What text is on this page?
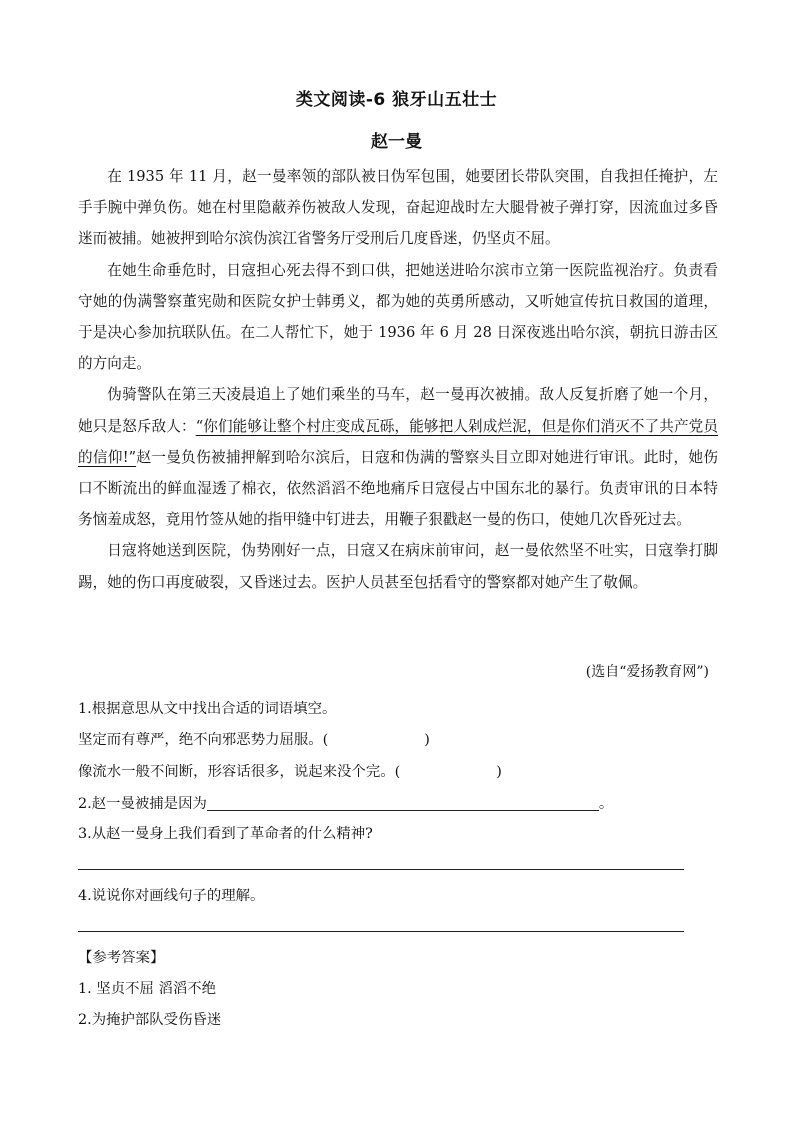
类文阅读-6 狼牙山五壮士
赵一曼

在 1935 年 11 月，赵一曼率领的部队被日伪军包围，她要团长带队突围，自我担任掩护，左手手腕中弹负伤。她在村里隐蔽养伤被敌人发现，奋起迎战时左大腿骨被子弹打穿，因流血过多昏迷而被捕。她被押到哈尔滨伪滨江省警务厅受刑后几度昏迷，仍坚贞不屈。

在她生命垂危时，日寇担心死去得不到口供，把她送进哈尔滨市立第一医院监视治疗。负责看守她的伪满警察董宪勋和医院女护士韩勇义，都为她的英勇所感动，又听她宣传抗日救国的道理，于是决心参加抗联队伍。在二人帮忙下，她于 1936 年 6 月 28 日深夜逃出哈尔滨，朝抗日游击区的方向走。

伪骑警队在第三天凌晨追上了她们乘坐的马车，赵一曼再次被捕。敌人反复折磨了她一个月，她只是怒斥敌人：“你们能够让整个村庄变成瓦砾，能够把人剁成烂泥，但是你们消灭不了共产党员的信仰!”赵一曼负伤被捕押解到哈尔滨后，日寇和伪满的警察头目立即对她进行审讯。此时，她伤口不断流出的鲜血湿透了棉衣，依然滔滔不绝地痛斥日寇侵占中国东北的暴行。负责审讯的日本特务恼羞成怒，竟用竹签从她的指甲缝中钉进去，用鞭子狠戳赵一曼的伤口，使她几次昏死过去。

日寇将她送到医院，伪势刚好一点，日寇又在病床前审问，赵一曼依然坚不吐实，日寇拳打脚踢，她的伤口再度破裂，又昏迷过去。医护人员甚至包括看守的警察都对她产生了敬佩。

(选自“爱扬教育网”)
1.根据意思从文中找出合适的词语填空。
坚定而有尊严，绝不向邪恶势力屈服。(	)
像流水一般不间断，形容话很多，说起来没个完。(	)
2.赵一曼被捕是因为	。
3.从赵一曼身上我们看到了革命者的什么精神?
4.说说你对画线句子的理解。
【参考答案】
1. 坚贞不屈 滔滔不绝
2.为掩护部队受伤昏迷
